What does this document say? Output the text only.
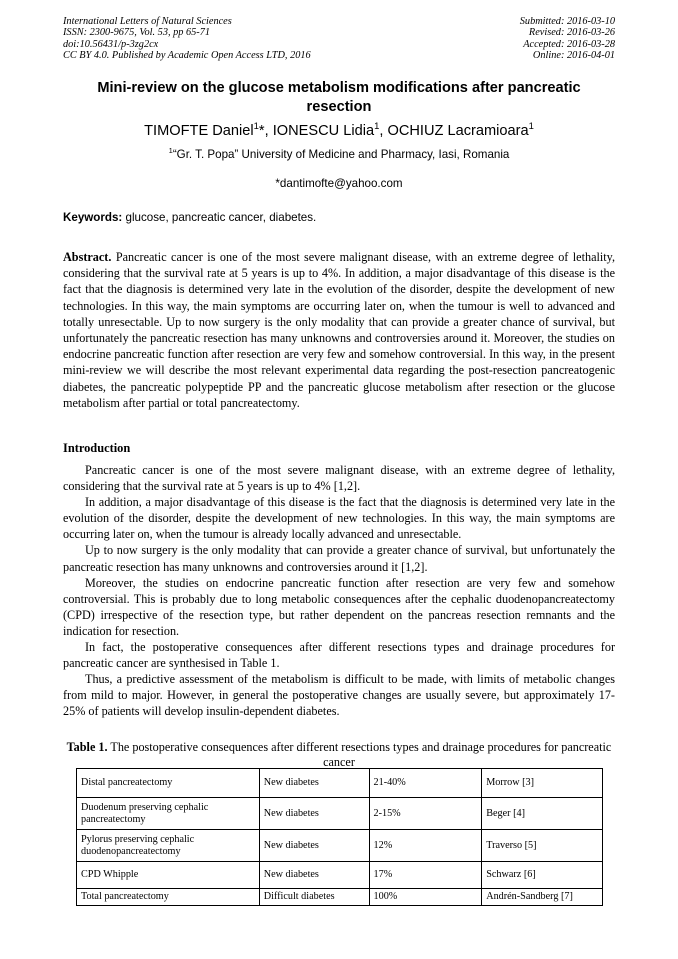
International Letters of Natural Sciences
ISSN: 2300-9675, Vol. 53, pp 65-71
doi:10.56431/p-3zg2cx
CC BY 4.0. Published by Academic Open Access LTD, 2016
Submitted: 2016-03-10
Revised: 2016-03-26
Accepted: 2016-03-28
Online: 2016-04-01
Mini-review on the glucose metabolism modifications after pancreatic resection
TIMOFTE Daniel$^1$*, IONESCU Lidia$^1$, OCHIUZ Lacramioara$^1$
$^1$“Gr. T. Popa” University of Medicine and Pharmacy, Iasi, Romania
*dantimofte@yahoo.com
Keywords: glucose, pancreatic cancer, diabetes.
Abstract. Pancreatic cancer is one of the most severe malignant disease, with an extreme degree of lethality, considering that the survival rate at 5 years is up to 4%. In addition, a major disadvantage of this disease is the fact that the diagnosis is determined very late in the evolution of the disorder, despite the development of new technologies. In this way, the main symptoms are occurring later on, when the tumour is well to advanced and totally unresectable. Up to now surgery is the only modality that can provide a greater chance of survival, but unfortunately the pancreatic resection has many unknowns and controversies around it. Moreover, the studies on endocrine pancreatic function after resection are very few and somehow controversial. In this way, in the present mini-review we will describe the most relevant experimental data regarding the post-resection pancreatogenic diabetes, the pancreatic polypeptide PP and the pancreatic glucose metabolism after resection or the glucose metabolism after partial or total pancreatectomy.
Introduction

Pancreatic cancer is one of the most severe malignant disease, with an extreme degree of lethality, considering that the survival rate at 5 years is up to 4% [1,2].

In addition, a major disadvantage of this disease is the fact that the diagnosis is determined very late in the evolution of the disorder, despite the development of new technologies. In this way, the main symptoms are occurring later on, when the tumour is already locally advanced and unresectable.

Up to now surgery is the only modality that can provide a greater chance of survival, but unfortunately the pancreatic resection has many unknowns and controversies around it [1,2].

Moreover, the studies on endocrine pancreatic function after resection are very few and somehow controversial. This is probably due to long metabolic consequences after the cephalic duodenopancreatectomy (CPD) irrespective of the resection type, but rather dependent on the pancreas resection remnants and the indication for resection.

In fact, the postoperative consequences after different resections types and drainage procedures for pancreatic cancer are synthesised in Table 1.

Thus, a predictive assessment of the metabolism is difficult to be made, with limits of metabolic changes from mild to major. However, in general the postoperative changes are usually severe, but approximately 17-25% of patients will develop insulin-dependent diabetes.

Table 1. The postoperative consequences after different resections types and drainage procedures for pancreatic cancer
Distal pancreatectomy	New diabetes	21-40%	Morrow [3]
Duodenum preserving cephalic pancreatectomy	New diabetes	2-15%	Beger [4]
Pylorus preserving cephalic duodenopancreatectomy	New diabetes	12%	Traverso [5]
CPD Whipple	New diabetes	17%	Schwarz [6]
Total pancreatectomy	Difficult diabetes	100%	Andrén-Sandberg [7]
